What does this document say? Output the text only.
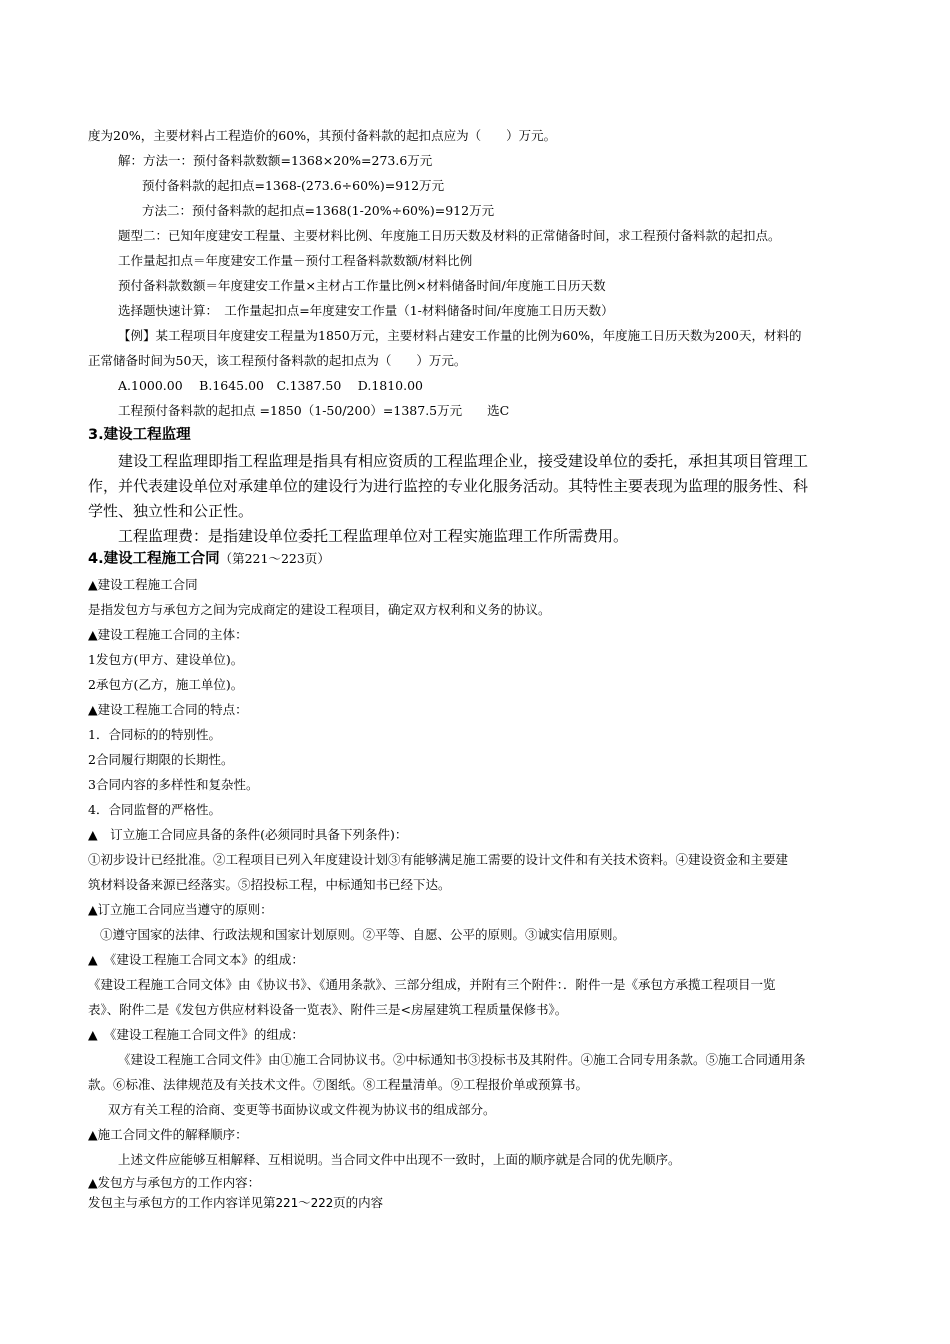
度为20%，主要材料占工程造价的60%，其预付备料款的起扣点应为（　　）万元。

解：方法一：预付备料款数额=1368×20%=273.6万元

预付备料款的起扣点=1368-(273.6÷60%)=912万元

方法二：预付备料款的起扣点=1368(1-20%÷60%)=912万元

题型二：已知年度建安工程量、主要材料比例、年度施工日历天数及材料的正常储备时间，求工程预付备料款的起扣点。

工作量起扣点＝年度建安工作量－预付工程备料款数额/材料比例

预付备料款数额＝年度建安工作量×主材占工作量比例×材料储备时间/年度施工日历天数

选择题快速计算：　工作量起扣点=年度建安工作量（1-材料储备时间/年度施工日历天数）

【例】某工程项目年度建安工程量为1850万元，主要材料占建安工作量的比例为60%，年度施工日历天数为200天，材料的

正常储备时间为50天，该工程预付备料款的起扣点为（　　）万元。

A.1000.00　 B.1645.00　C.1387.50　 D.1810.00

工程预付备料款的起扣点 =1850（1-50/200）=1387.5万元　　选C

3.建设工程监理

建设工程监理即指工程监理是指具有相应资质的工程监理企业，接受建设单位的委托，承担其项目管理工

作，并代表建设单位对承建单位的建设行为进行监控的专业化服务活动。其特性主要表现为监理的服务性、科

学性、独立性和公正性。

工程监理费：是指建设单位委托工程监理单位对工程实施监理工作所需费用。

4.建设工程施工合同（第221～223页）

▲建设工程施工合同

是指发包方与承包方之间为完成商定的建设工程项目，确定双方权利和义务的协议。

▲建设工程施工合同的主体：

1发包方(甲方、建设单位)。

2承包方(乙方，施工单位)。

▲建设工程施工合同的特点：

1．合同标的的特别性。

2合同履行期限的长期性。

3合同内容的多样性和复杂性。

4．合同监督的严格性。

▲　订立施工合同应具备的条件(必须同时具备下列条件)：

①初步设计已经批准。②工程项目已列入年度建设计划③有能够满足施工需要的设计文件和有关技术资料。④建设资金和主要建

筑材料设备来源已经落实。⑤招投标工程，中标通知书已经下达。

▲订立施工合同应当遵守的原则：

①遵守国家的法律、行政法规和国家计划原则。②平等、自愿、公平的原则。③诚实信用原则。

▲　《建设工程施工合同文本》的组成：

《建设工程施工合同文体》由《协议书》、《通用条款》、三部分组成，并附有三个附件：．附件一是《承包方承揽工程项目一览

表》、附件二是《发包方供应材料设备一览表》、附件三是<房屋建筑工程质量保修书》。

▲　《建设工程施工合同文件》的组成：

《建设工程施工合同文件》由①施工合同协议书。②中标通知书③投标书及其附件。④施工合同专用条款。⑤施工合同通用条

款。⑥标准、法律规范及有关技术文件。⑦图纸。⑧工程量清单。⑨工程报价单或预算书。

双方有关工程的洽商、变更等书面协议或文件视为协议书的组成部分。

▲施工合同文件的解释顺序：

上述文件应能够互相解释、互相说明。当合同文件中出现不一致时，上面的顺序就是合同的优先顺序。

▲发包方与承包方的工作内容：

发包主与承包方的工作内容详见第221～222页的内容
